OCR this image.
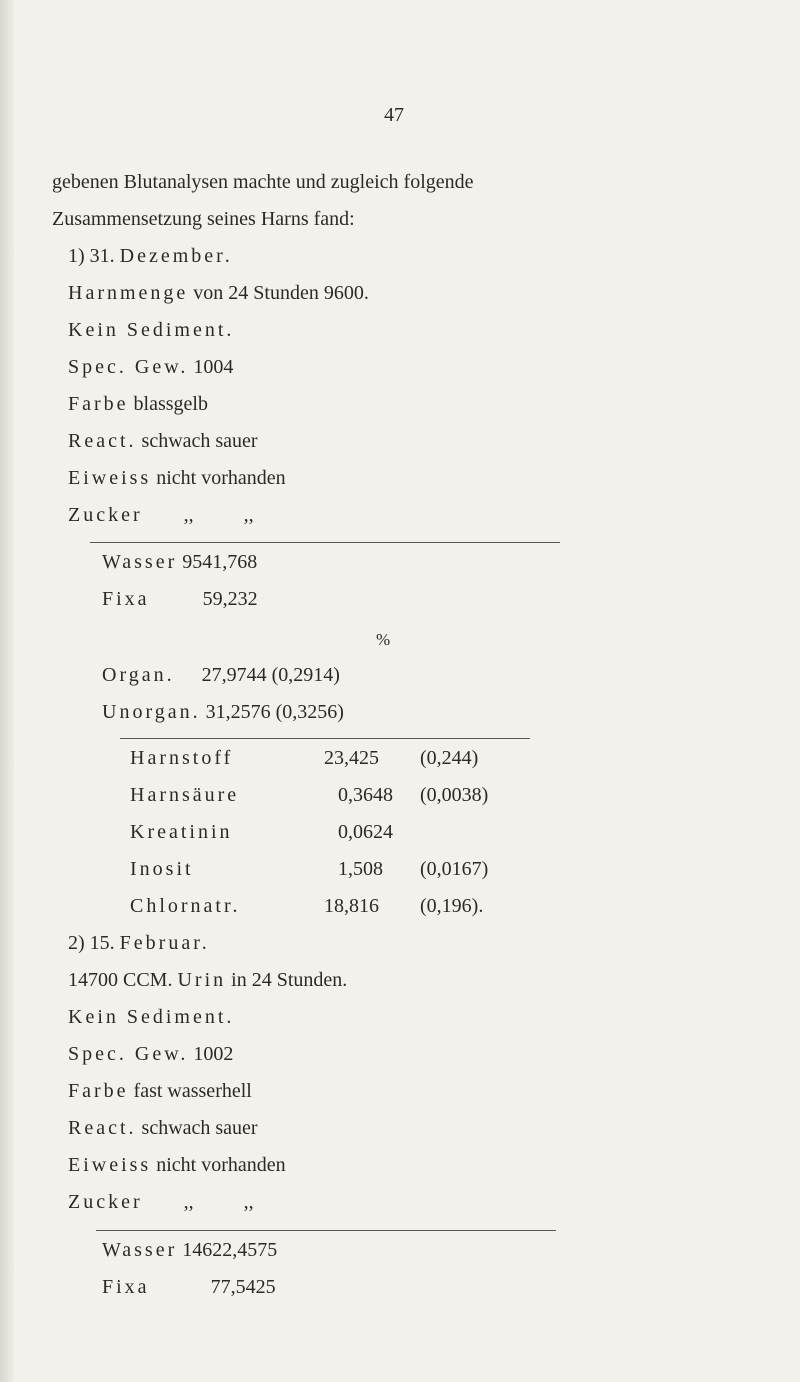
47
gebenen Blutanalysen machte und zugleich folgende
Zusammensetzung seines Harns fand:
1) 31. Dezember.
Harnmenge von 24 Stunden 9600.
Kein Sediment.
Spec. Gew. 1004
Farbe blassgelb
React. schwach sauer
Eiweiss nicht vorhanden
Zucker ,,          ,,
Wasser 9541,768
Fixa	59,232
%
Organ. 27,9744 (0,2914)
Unorgan. 31,2576 (0,3256)
Harnstoff	23,425 (0,244)
Harnsäure	0,3648 (0,0038)
Kreatinin	0,0624
Inosit	1,508 (0,0167)
Chlornatr.	18,816 (0,196).
2) 15. Februar.
14700 CCM. Urin in 24 Stunden.
Kein Sediment.
Spec. Gew. 1002
Farbe fast wasserhell
React. schwach sauer
Eiweiss nicht vorhanden
Zucker ,,          ,,
Wasser 14622,4575
Fixa	77,5425
